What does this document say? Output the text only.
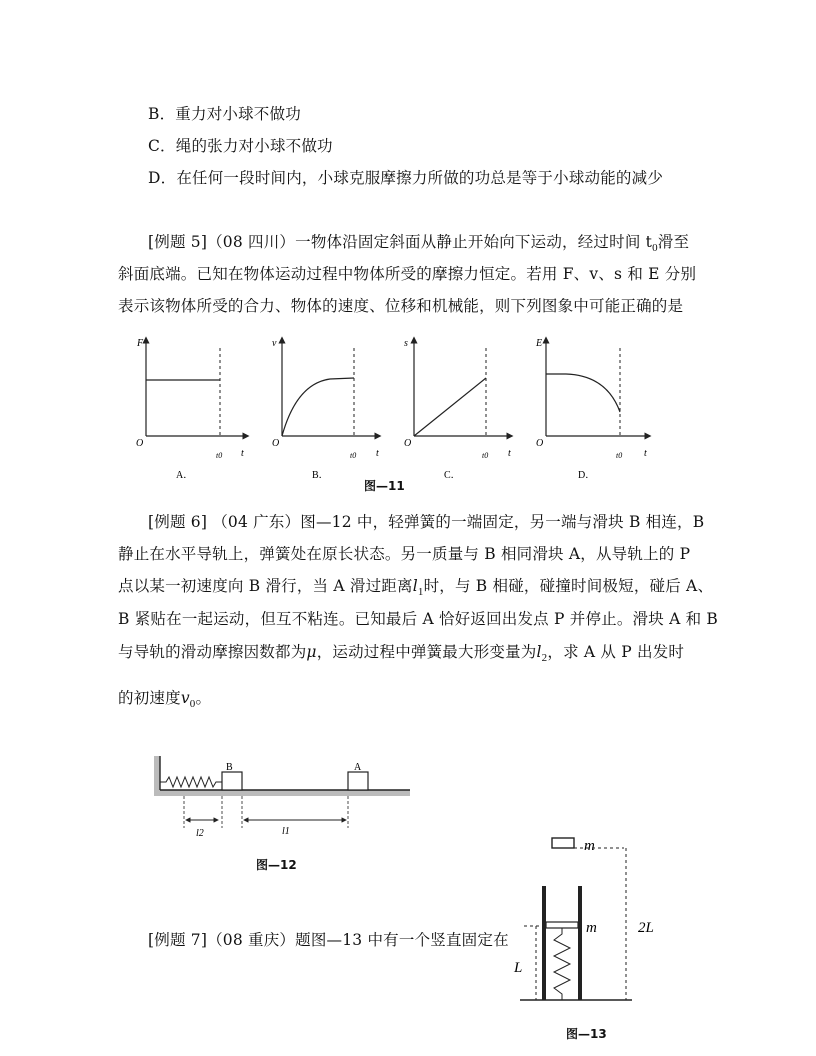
B．重力对小球不做功
C．绳的张力对小球不做功
D．在任何一段时间内，小球克服摩擦力所做的功总是等于小球动能的减少
[例题 5]（08 四川）一物体沿固定斜面从静止开始向下运动，经过时间 $t_0$滑至
斜面底端。已知在物体运动过程中物体所受的摩擦力恒定。若用 F、v、s 和 E 分别
表示该物体所受的合力、物体的速度、位移和机械能，则下列图象中可能正确的是
F
O
t
t0
A．
v
O
t
t0
B．
s
O
t
t0
C．
E
O
t
t0
D．
图—11
[例题 6] （04 广东）图—12 中，轻弹簧的一端固定，另一端与滑块 B 相连，B
静止在水平导轨上，弹簧处在原长状态。另一质量与 B 相同滑块 A，从导轨上的 P
点以某一初速度向 B 滑行，当 A 滑过距离$l_1$时，与 B 相碰，碰撞时间极短，碰后 A、
B 紧贴在一起运动，但互不粘连。已知最后 A 恰好返回出发点 P 并停止。滑块 A 和 B
与导轨的滑动摩擦因数都为μ，运动过程中弹簧最大形变量为$l_2$，求 A 从 P 出发时
的初速度$v_0$。
B	A
l2	l1
图—12
[例题 7]（08 重庆）题图—13 中有一个竖直固定在
m
m
L
2L
图—13
